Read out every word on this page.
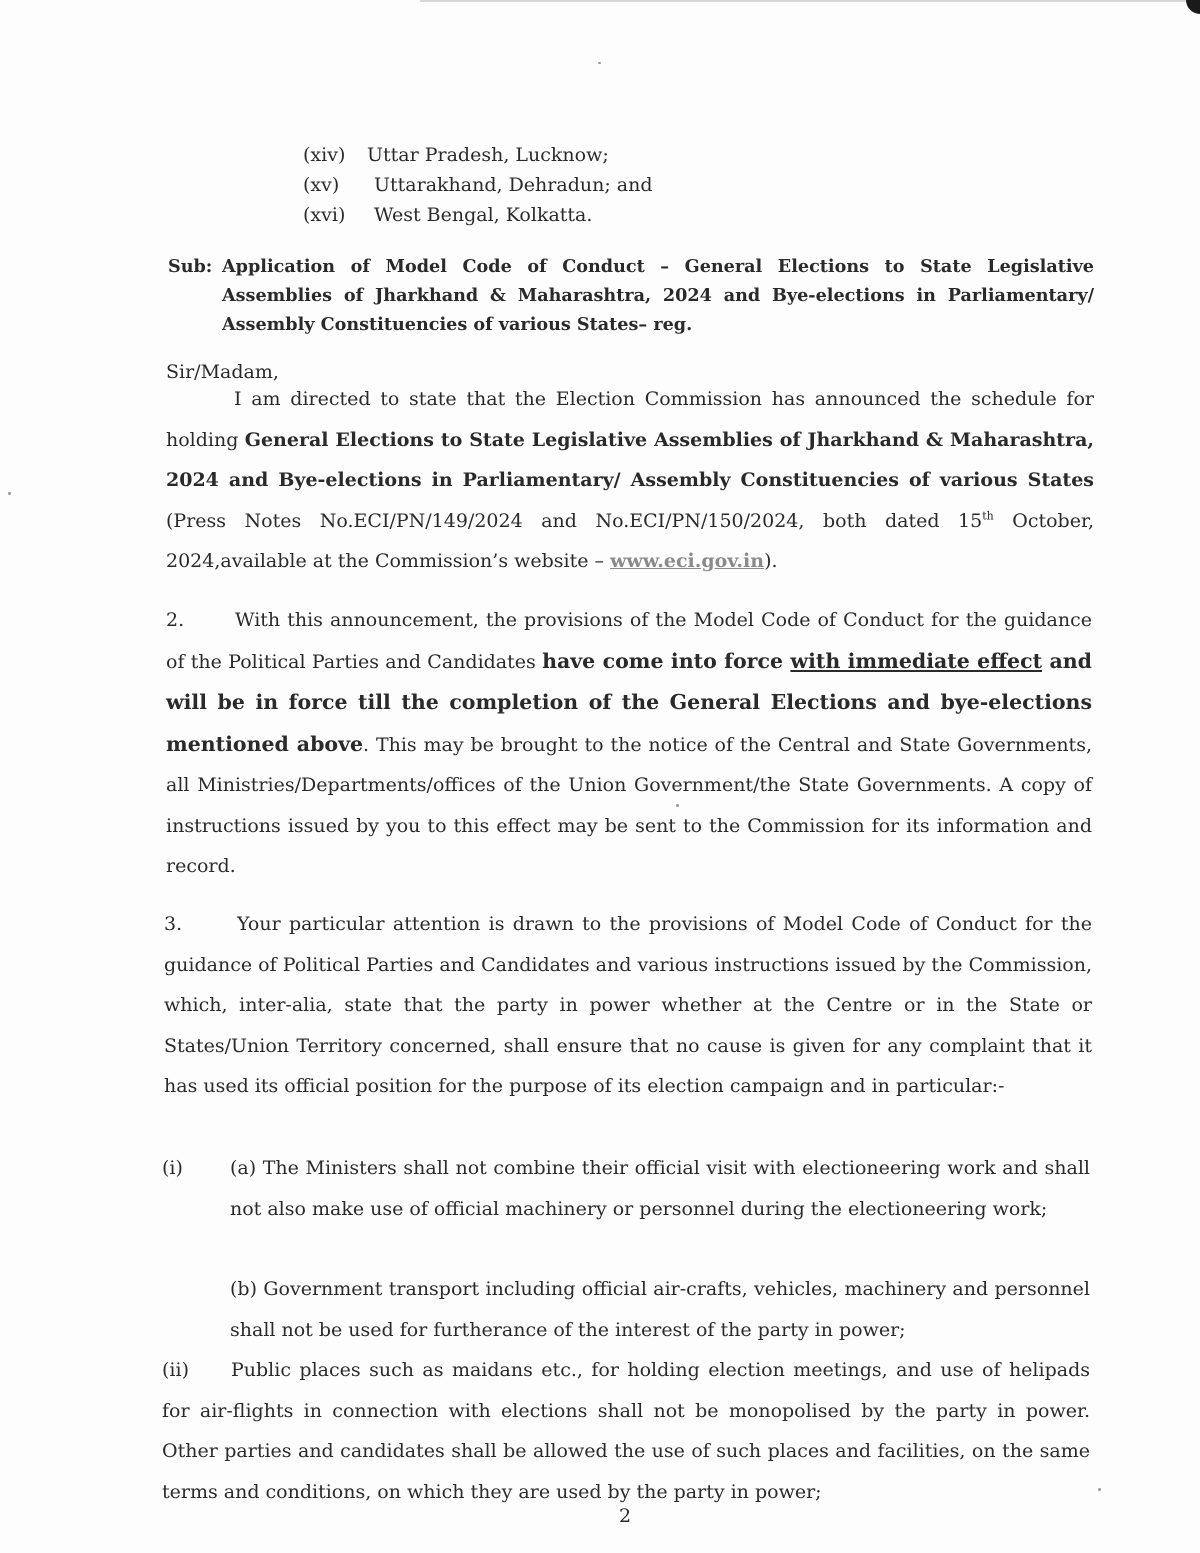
(xiv) Uttar Pradesh, Lucknow;
(xv) Uttarakhand, Dehradun; and
(xvi) West Bengal, Kolkatta.
Sub: Application of Model Code of Conduct – General Elections to State Legislative Assemblies of Jharkhand & Maharashtra, 2024 and Bye-elections in Parliamentary/ Assembly Constituencies of various States– reg.
Sir/Madam,
I am directed to state that the Election Commission has announced the schedule for holding General Elections to State Legislative Assemblies of Jharkhand & Maharashtra, 2024 and Bye-elections in Parliamentary/ Assembly Constituencies of various States (Press Notes No.ECI/PN/149/2024 and No.ECI/PN/150/2024, both dated 15th October, 2024,available at the Commission’s website – www.eci.gov.in).
2.	With this announcement, the provisions of the Model Code of Conduct for the guidance of the Political Parties and Candidates have come into force with immediate effect and will be in force till the completion of the General Elections and bye-elections mentioned above. This may be brought to the notice of the Central and State Governments, all Ministries/Departments/offices of the Union Government/the State Governments. A copy of instructions issued by you to this effect may be sent to the Commission for its information and record.
3.	Your particular attention is drawn to the provisions of Model Code of Conduct for the guidance of Political Parties and Candidates and various instructions issued by the Commission, which, inter-alia, state that the party in power whether at the Centre or in the State or States/Union Territory concerned, shall ensure that no cause is given for any complaint that it has used its official position for the purpose of its election campaign and in particular:-
(i) (a) The Ministers shall not combine their official visit with electioneering work and shall not also make use of official machinery or personnel during the electioneering work;
(b) Government transport including official air-crafts, vehicles, machinery and personnel shall not be used for furtherance of the interest of the party in power;
(ii)	Public places such as maidans etc., for holding election meetings, and use of helipads for air-flights in connection with elections shall not be monopolised by the party in power. Other parties and candidates shall be allowed the use of such places and facilities, on the same terms and conditions, on which they are used by the party in power;
2
